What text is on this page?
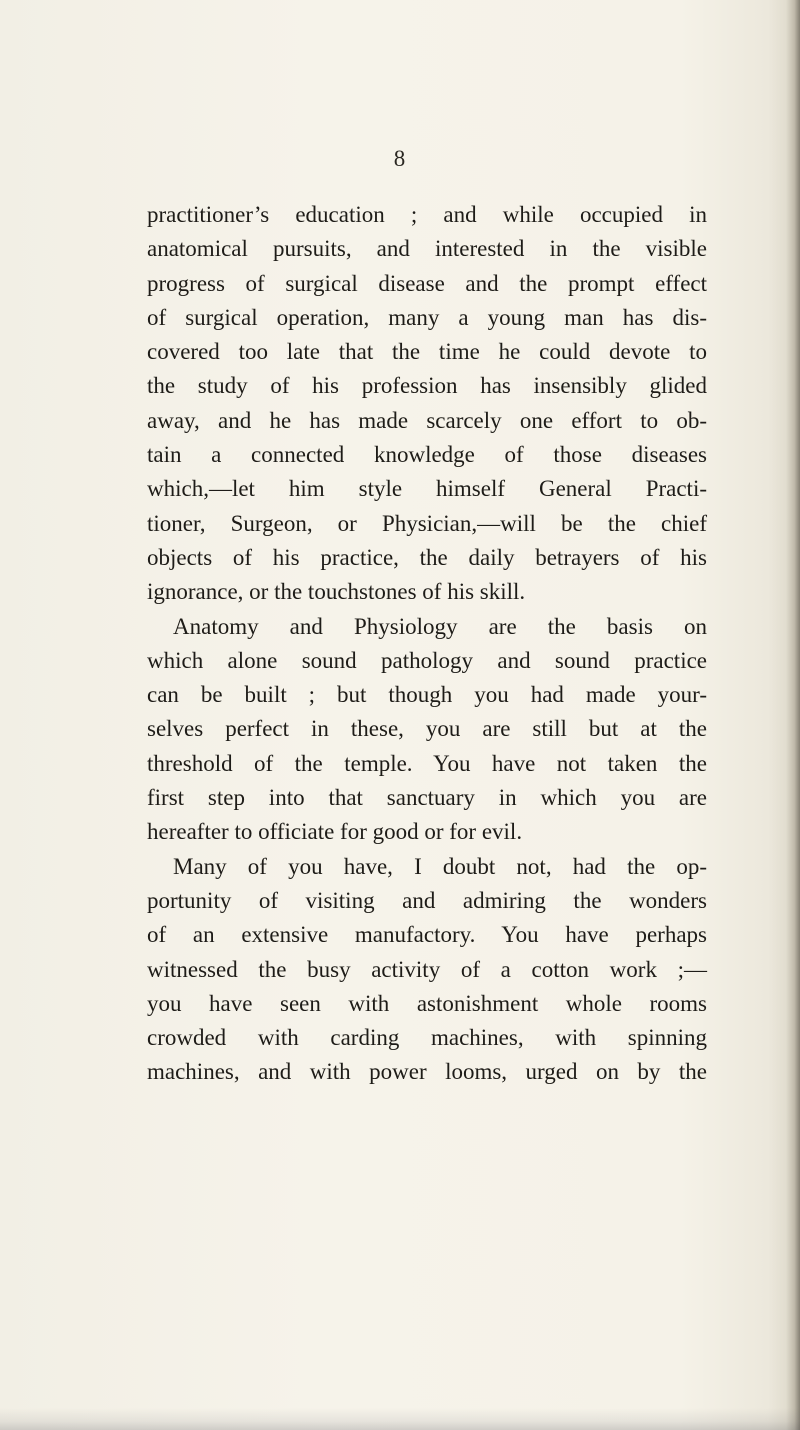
8
practitioner’s education ; and while occupied in
anatomical pursuits, and interested in the visible
progress of surgical disease and the prompt effect
of surgical operation, many a young man has dis-
covered too late that the time he could devote to
the study of his profession has insensibly glided
away, and he has made scarcely one effort to ob-
tain a connected knowledge of those diseases
which,—let him style himself General Practi-
tioner, Surgeon, or Physician,—will be the chief
objects of his practice, the daily betrayers of his
ignorance, or the touchstones of his skill.
Anatomy and Physiology are the basis on
which alone sound pathology and sound practice
can be built ; but though you had made your-
selves perfect in these, you are still but at the
threshold of the temple. You have not taken the
first step into that sanctuary in which you are
hereafter to officiate for good or for evil.
Many of you have, I doubt not, had the op-
portunity of visiting and admiring the wonders
of an extensive manufactory. You have perhaps
witnessed the busy activity of a cotton work ;—
you have seen with astonishment whole rooms
crowded with carding machines, with spinning
machines, and with power looms, urged on by the
